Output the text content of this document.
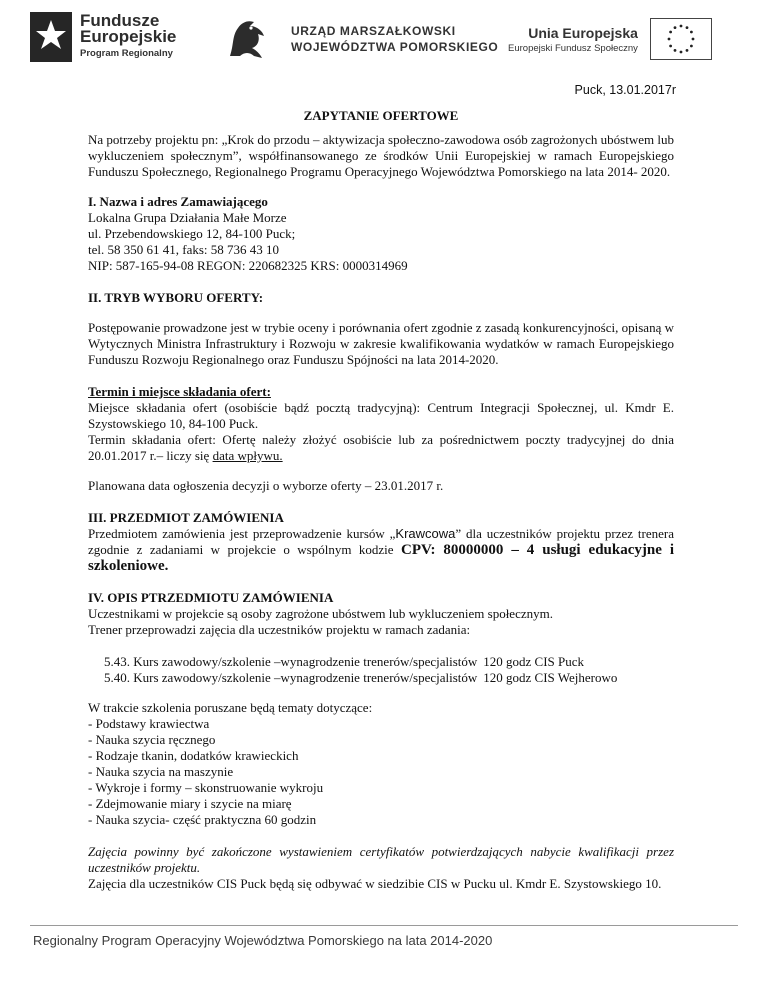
Fundusze
Europejskie
Program Regionalny
URZĄD MARSZAŁKOWSKI
WOJEWÓDZTWA POMORSKIEGO
Unia Europejska
Europejski Fundusz Społeczny

Puck, 13.01.2017r

ZAPYTANIE OFERTOWE

Na potrzeby projektu pn: „Krok do przodu – aktywizacja społeczno-zawodowa osób zagrożonych ubóstwem lub wykluczeniem społecznym”, współfinansowanego ze środków Unii Europejskiej w ramach Europejskiego Funduszu Społecznego, Regionalnego Programu Operacyjnego Województwa Pomorskiego na lata 2014- 2020.

I. Nazwa i adres Zamawiającego

Lokalna Grupa Działania Małe Morze

ul. Przebendowskiego 12, 84-100 Puck;

tel. 58 350 61 41, faks: 58 736 43 10

NIP: 587-165-94-08 REGON: 220682325 KRS: 0000314969

II. TRYB WYBORU OFERTY:

Postępowanie prowadzone jest w trybie oceny i porównania ofert zgodnie z zasadą konkurencyjności, opisaną w Wytycznych Ministra Infrastruktury i Rozwoju w zakresie kwalifikowania wydatków w ramach Europejskiego Funduszu Rozwoju Regionalnego oraz Funduszu Spójności na lata 2014-2020.

Termin i miejsce składania ofert:

Miejsce składania ofert (osobiście bądź pocztą tradycyjną): Centrum Integracji Społecznej, ul. Kmdr E. Szystowskiego 10, 84-100 Puck.

Termin składania ofert: Ofertę należy złożyć osobiście lub za pośrednictwem poczty tradycyjnej do dnia 20.01.2017 r.– liczy się data wpływu.

Planowana data ogłoszenia decyzji o wyborze oferty – 23.01.2017 r.

III. PRZEDMIOT ZAMÓWIENIA

Przedmiotem zamówienia jest przeprowadzenie kursów „Krawcowa” dla uczestników projektu przez trenera zgodnie z zadaniami w projekcie o wspólnym kodzie CPV: 80000000 – 4 usługi edukacyjne i szkoleniowe.

IV. OPIS PTRZEDMIOTU ZAMÓWIENIA

Uczestnikami w projekcie są osoby zagrożone ubóstwem lub wykluczeniem społecznym.

Trener przeprowadzi zajęcia dla uczestników projektu w ramach zadania:

5.43. Kurs zawodowy/szkolenie –wynagrodzenie trenerów/specjalistów 120 godz CIS Puck
5.40. Kurs zawodowy/szkolenie –wynagrodzenie trenerów/specjalistów 120 godz CIS Wejherowo

W trakcie szkolenia poruszane będą tematy dotyczące:

- Podstawy krawiectwa

- Nauka szycia ręcznego

- Rodzaje tkanin, dodatków krawieckich

- Nauka szycia na maszynie

- Wykroje i formy – skonstruowanie wykroju

- Zdejmowanie miary i szycie na miarę

- Nauka szycia- część praktyczna 60 godzin

Zajęcia powinny być zakończone wystawieniem certyfikatów potwierdzających nabycie kwalifikacji przez uczestników projektu.

Zajęcia dla uczestników CIS Puck będą się odbywać w siedzibie CIS w Pucku ul. Kmdr E. Szystowskiego 10.

Regionalny Program Operacyjny Województwa Pomorskiego na lata 2014-2020
